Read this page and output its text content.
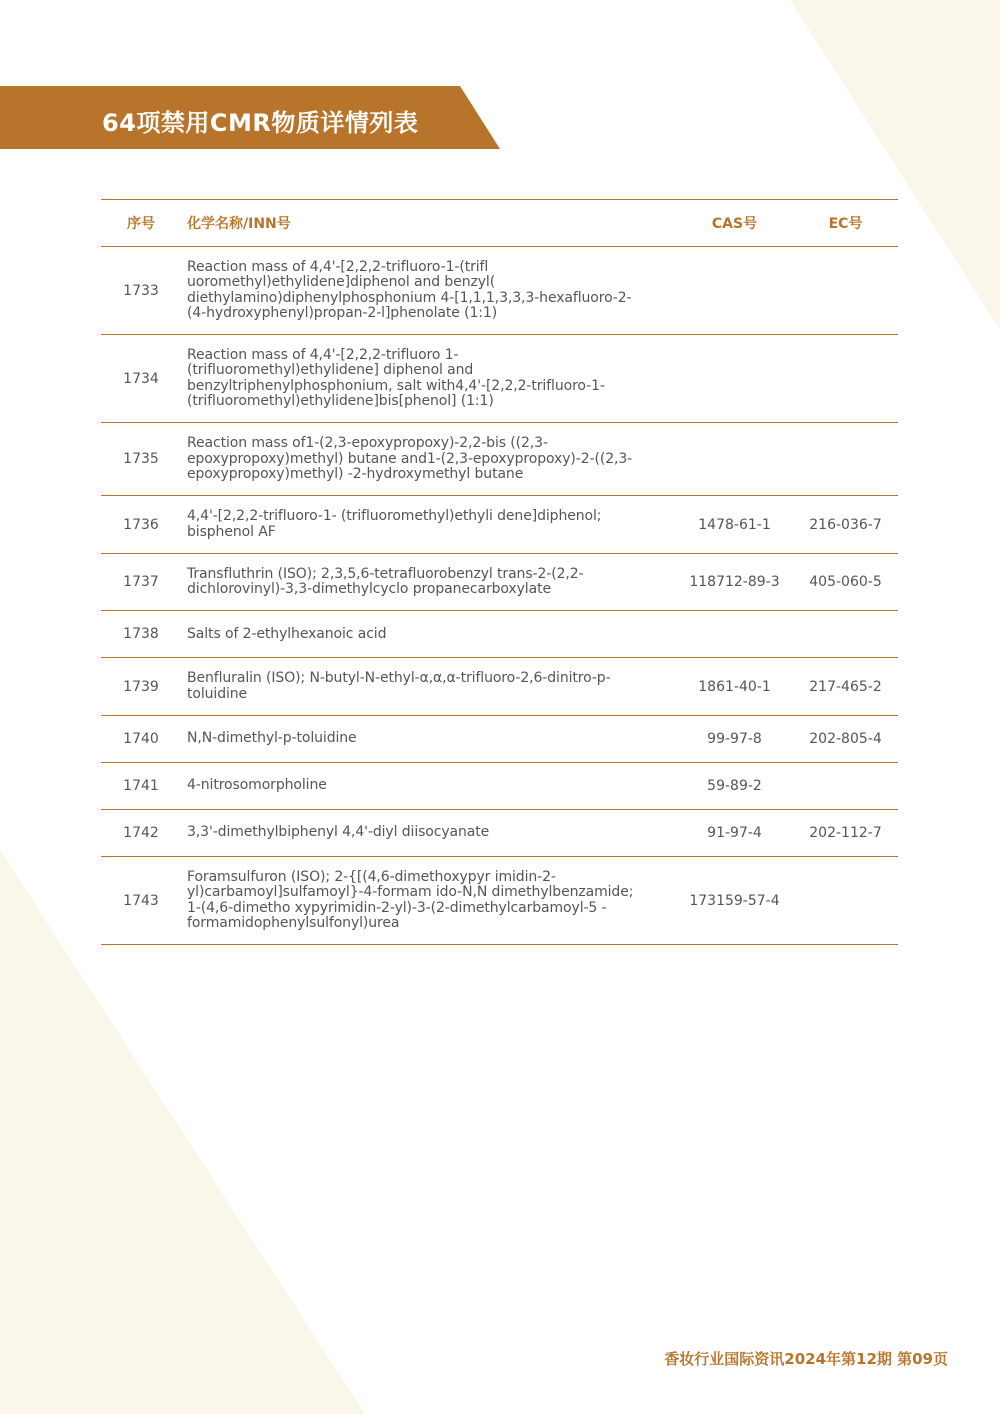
64项禁用CMR物质详情列表
序号	化学名称/INN号	CAS号	EC号
1733	Reaction mass of 4,4'-[2,2,2-trifluoro-1-(trifl uoromethyl)ethylidene]diphenol and benzyl( diethylamino)diphenylphosphonium 4-[1,1,1,3,3,3-hexafluoro-2-(4-hydroxyphenyl)propan-2-l]phenolate (1:1)		
1734	Reaction mass of 4,4'-[2,2,2-trifluoro 1-(trifluoromethyl)ethylidene] diphenol and benzyltriphenylphosphonium, salt with4,4'-[2,2,2-trifluoro-1- (trifluoromethyl)ethylidene]bis[phenol] (1:1)		
1735	Reaction mass of1-(2,3-epoxypropoxy)-2,2-bis ((2,3-epoxypropoxy)methyl) butane and1-(2,3-epoxypropoxy)-2-((2,3-epoxypropoxy)methyl) -2-hydroxymethyl butane		
1736	4,4'-[2,2,2-trifluoro-1- (trifluoromethyl)ethyli dene]diphenol; bisphenol AF	1478-61-1	216-036-7
1737	Transfluthrin (ISO); 2,3,5,6-tetrafluorobenzyl trans-2-(2,2-dichlorovinyl)-3,3-dimethylcyclo propanecarboxylate	118712-89-3	405-060-5
1738	Salts of 2-ethylhexanoic acid		
1739	Benfluralin (ISO); N-butyl-N-ethyl-α,α,α-trifluoro-2,6-dinitro-p-toluidine	1861-40-1	217-465-2
1740	N,N-dimethyl-p-toluidine	99-97-8	202-805-4
1741	4-nitrosomorpholine	59-89-2	
1742	3,3'-dimethylbiphenyl 4,4'-diyl diisocyanate	91-97-4	202-112-7
1743	Foramsulfuron (ISO); 2-{[(4,6-dimethoxypyr imidin-2-yl)carbamoyl]sulfamoyl}-4-formam ido-N,N dimethylbenzamide; 1-(4,6-dimetho xypyrimidin-2-yl)-3-(2-dimethylcarbamoyl-5 -formamidophenylsulfonyl)urea	173159-57-4	
香妆行业国际资讯2024年第12期 第09页
